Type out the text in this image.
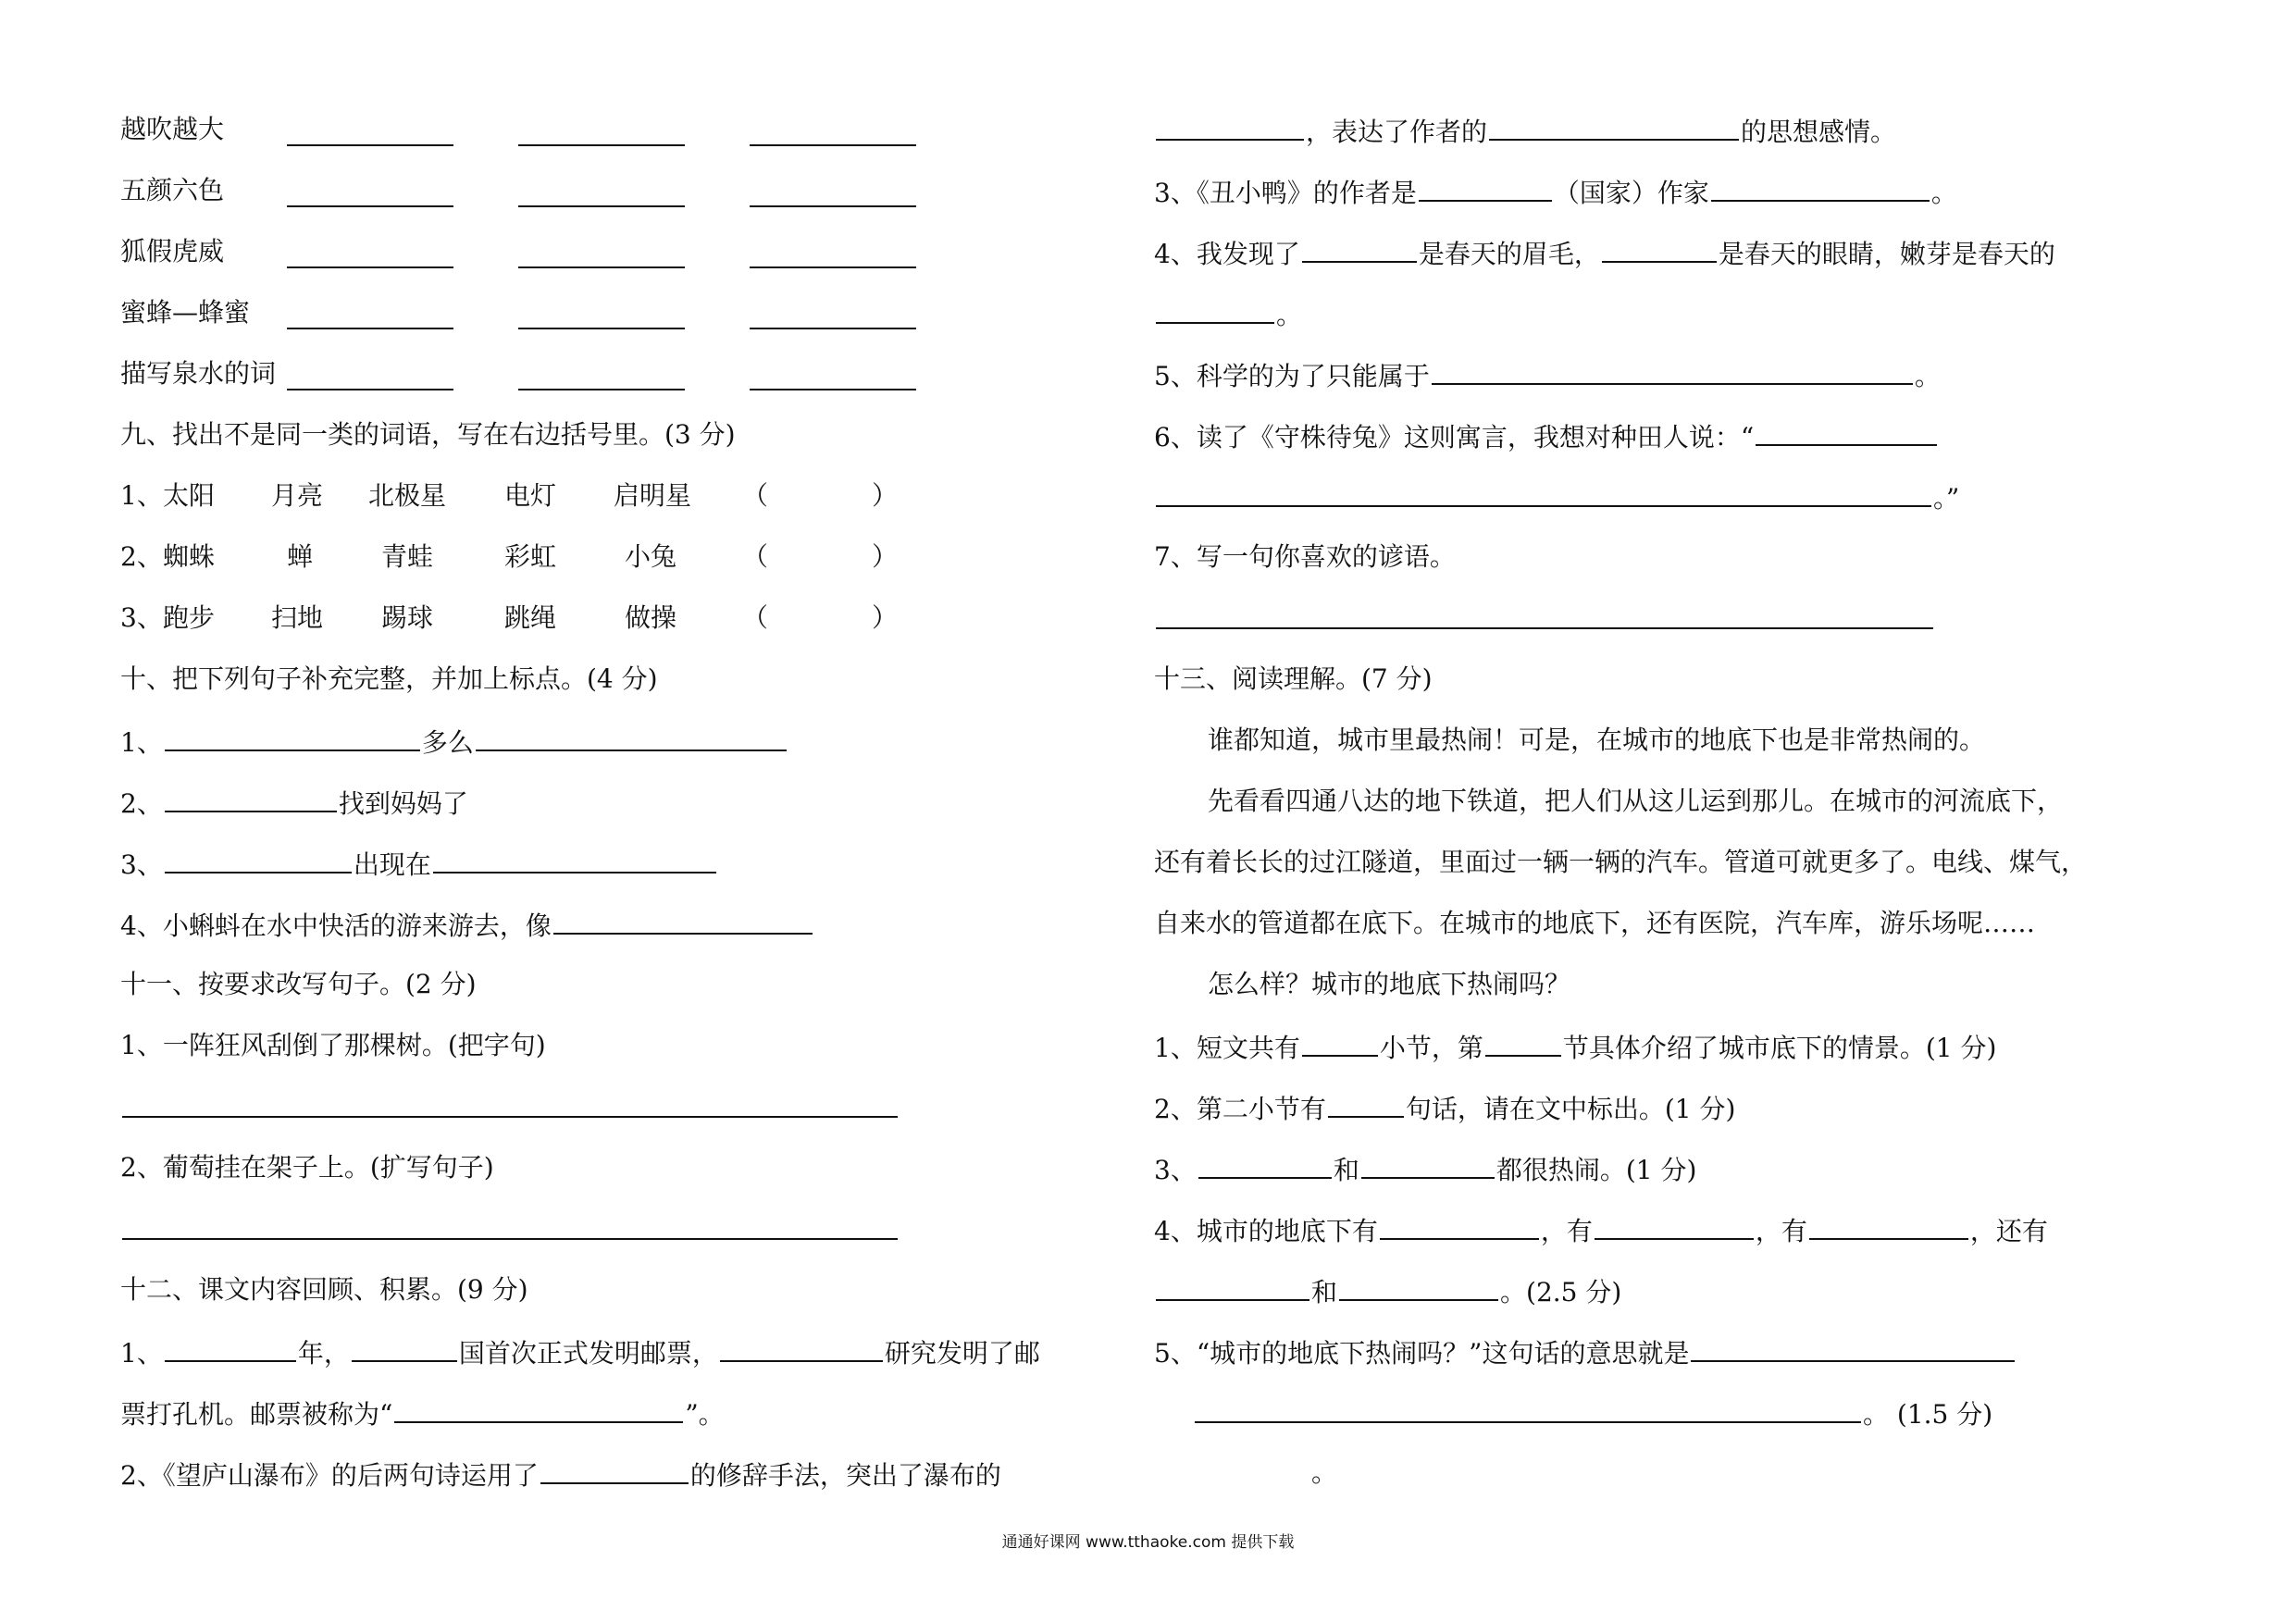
越吹越大
五颜六色
狐假虎威
蜜蜂—蜂蜜
描写泉水的词
九、找出不是同一类的词语，写在右边括号里。(3 分)
1、 太阳 月亮 北极星 电灯 启明星 （　　　　）
2、 蜘蛛	蝉	青蛙	彩虹	小兔	（　　　　）
3、 跑步 扫地 踢球	跳绳	做操	（　　　　）
十、把下列句子补充完整，并加上标点。(4 分)
1、	多么
2、	找到妈妈了
3、	出现在
4、小蝌蚪在水中快活的游来游去，像
十一、按要求改写句子。(2 分)
1、一阵狂风刮倒了那棵树。(把字句)
2、葡萄挂在架子上。(扩写句子)
十二、课文内容回顾、积累。(9 分)
1、	年，	国首次正式发明邮票，	研究发明了邮
票打孔机。邮票被称为“	”。
2、《望庐山瀑布》的后两句诗运用了	的修辞手法，突出了瀑布的
，表达了作者的	的思想感情。
3、《丑小鸭》的作者是	（国家）作家	。
4、我发现了	是春天的眉毛，	是春天的眼睛，嫩芽是春天的
。
5、科学的为了只能属于	。
6、读了《守株待兔》这则寓言，我想对种田人说：“
。”
7、写一句你喜欢的谚语。
十三、阅读理解。(7 分)
谁都知道，城市里最热闹！可是，在城市的地底下也是非常热闹的。
先看看四通八达的地下铁道，把人们从这儿运到那儿。在城市的河流底下，
还有着长长的过江隧道，里面过一辆一辆的汽车。管道可就更多了。电线、煤气，
自来水的管道都在底下。在城市的地底下，还有医院，汽车库，游乐场呢……
怎么样？城市的地底下热闹吗？
1、短文共有	小节，第	节具体介绍了城市底下的情景。(1 分)
2、第二小节有	句话，请在文中标出。(1 分)
3、	和	都很热闹。(1 分)
4、城市的地底下有	，有	，有	，还有
和	。(2.5 分)
5、“城市的地底下热闹吗？”这句话的意思就是
。 (1.5 分)
。
通通好课网 www.tthaoke.com 提供下载
